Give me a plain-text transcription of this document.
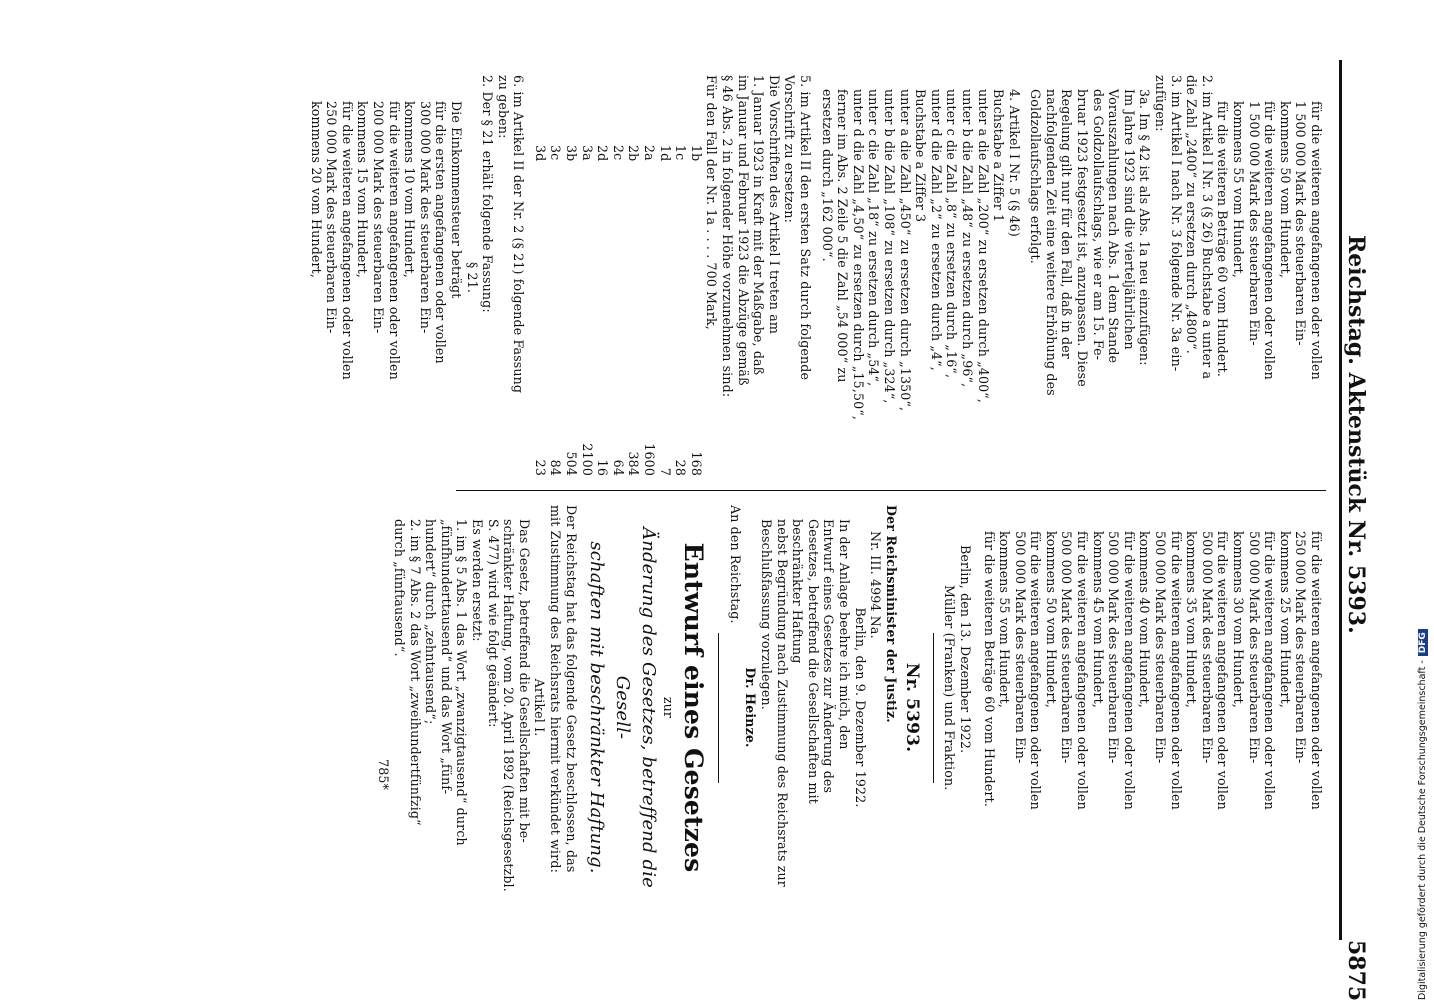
Reichstag. Aktenstück Nr. 5393.
5875
für die weiteren angefangenen oder vollen
1 500 000 Mark des steuerbaren Ein-
kommens 50 vom Hundert,
für die weiteren angefangenen oder vollen
1 500 000 Mark des steuerbaren Ein-
kommens 55 vom Hundert,
für die weiteren Beträge 60 vom Hundert.
2. im Artikel I Nr. 3 (§ 26) Buchstabe a unter a
die Zahl „2400“ zu ersetzen durch „4800“.
3. im Artikel I nach Nr. 3 folgende Nr. 3a ein-
zufügen:
3a. Im § 42 ist als Abs. 1a neu einzufügen:
Im Jahre 1923 sind die vierteljährlichen
Vorauszahlungen nach Abs. 1 dem Stande
des Goldzollaufschlags, wie er am 15. Fe-
bruar 1923 festgesetzt ist, anzupassen. Diese
Regelung gilt nur für den Fall, daß in der
nachfolgenden Zeit eine weitere Erhöhung des
Goldzollaufschlags erfolgt.
4. Artikel I Nr. 5 (§ 46)
Buchstabe a Ziffer 1
unter a die Zahl „200“ zu ersetzen durch „400“,
unter b die Zahl „48“ zu ersetzen durch „96“,
unter c die Zahl „8“ zu ersetzen durch „16“,
unter d die Zahl „2“ zu ersetzen durch „4“,
Buchstabe a Ziffer 3
unter a die Zahl „450“ zu ersetzen durch „1350“,
unter b die Zahl „108“ zu ersetzen durch „324“,
unter c die Zahl „18“ zu ersetzen durch „54“,
unter d die Zahl „4,50“ zu ersetzen durch „15,50“,
ferner im Abs. 2 Zeile 5 die Zahl „54 000“ zu
ersetzen durch „162 000“.
5. im Artikel II den ersten Satz durch folgende
Vorschrift zu ersetzen:
Die Vorschriften des Artikel I treten am
1. Januar 1923 in Kraft mit der Maßgabe, daß
im Januar und Februar 1923 die Abzüge gemäß
§ 46 Abs. 2 in folgender Höhe vorzunehmen sind:
Für den Fall der Nr. 1a . . . . 700 Mark,
1b
168
1c
28
1d
7
2a
1600
2b
384
2c
64
2d
16
3a
2100
3b
504
3c
84
3d
23
6. im Artikel II der Nr. 2 (§ 21) folgende Fassung
zu geben:
2. Der § 21 erhält folgende Fassung:
§ 21.
Die Einkommensteuer beträgt
für die ersten angefangenen oder vollen
300 000 Mark des steuerbaren Ein-
kommens 10 vom Hundert,
für die weiteren angefangenen oder vollen
200 000 Mark des steuerbaren Ein-
kommens 15 vom Hundert,
für die weiteren angefangenen oder vollen
250 000 Mark des steuerbaren Ein-
kommens 20 vom Hundert,
für die weiteren angefangenen oder vollen
250 000 Mark des steuerbaren Ein-
kommens 25 vom Hundert,
für die weiteren angefangenen oder vollen
500 000 Mark des steuerbaren Ein-
kommens 30 vom Hundert,
für die weiteren angefangenen oder vollen
500 000 Mark des steuerbaren Ein-
kommens 35 vom Hundert,
für die weiteren angefangenen oder vollen
500 000 Mark des steuerbaren Ein-
kommens 40 vom Hundert,
für die weiteren angefangenen oder vollen
500 000 Mark des steuerbaren Ein-
kommens 45 vom Hundert,
für die weiteren angefangenen oder vollen
500 000 Mark des steuerbaren Ein-
kommens 50 vom Hundert,
für die weiteren angefangenen oder vollen
500 000 Mark des steuerbaren Ein-
kommens 55 vom Hundert,
für die weiteren Beträge 60 vom Hundert.
Berlin, den 13. Dezember 1922.
Müller (Franken) und Fraktion.
Nr. 5393.
Der Reichsminister der Justiz.
Nr. III. 4994 Na.
Berlin, den 9. Dezember 1922.
In der Anlage beehre ich mich, den
Entwurf eines Gesetzes zur Änderung des
Gesetzes, betreffend die Gesellschaften mit
beschränkter Haftung
nebst Begründung nach Zustimmung des Reichsrats zur
Beschlußfassung vorzulegen.
Dr. Heinze.
An den Reichstag.
Entwurf eines Gesetzes
zur
Änderung des Gesetzes, betreffend die Gesell-
schaften mit beschränkter Haftung.
Der Reichstag hat das folgende Gesetz beschlossen, das
mit Zustimmung des Reichsrats hiermit verkündet wird:
Artikel I.
Das Gesetz, betreffend die Gesellschaften mit be-
schränkter Haftung, vom 20. April 1892 (Reichsgesetzbl.
S. 477) wird wie folgt geändert:
Es werden ersetzt:
1. im § 5 Abs. 1 das Wort „zwanzigtausend“ durch
„fünfhunderttausend“ und das Wort „fünf-
hundert“ durch „zehntausend“;
2. im § 7 Abs. 2 das Wort „zweihundertfünfzig“
durch „fünftausend“.
785*	Digitalisierung gefördert durch die Deutsche Forschungsgemeinschaft -DFG
